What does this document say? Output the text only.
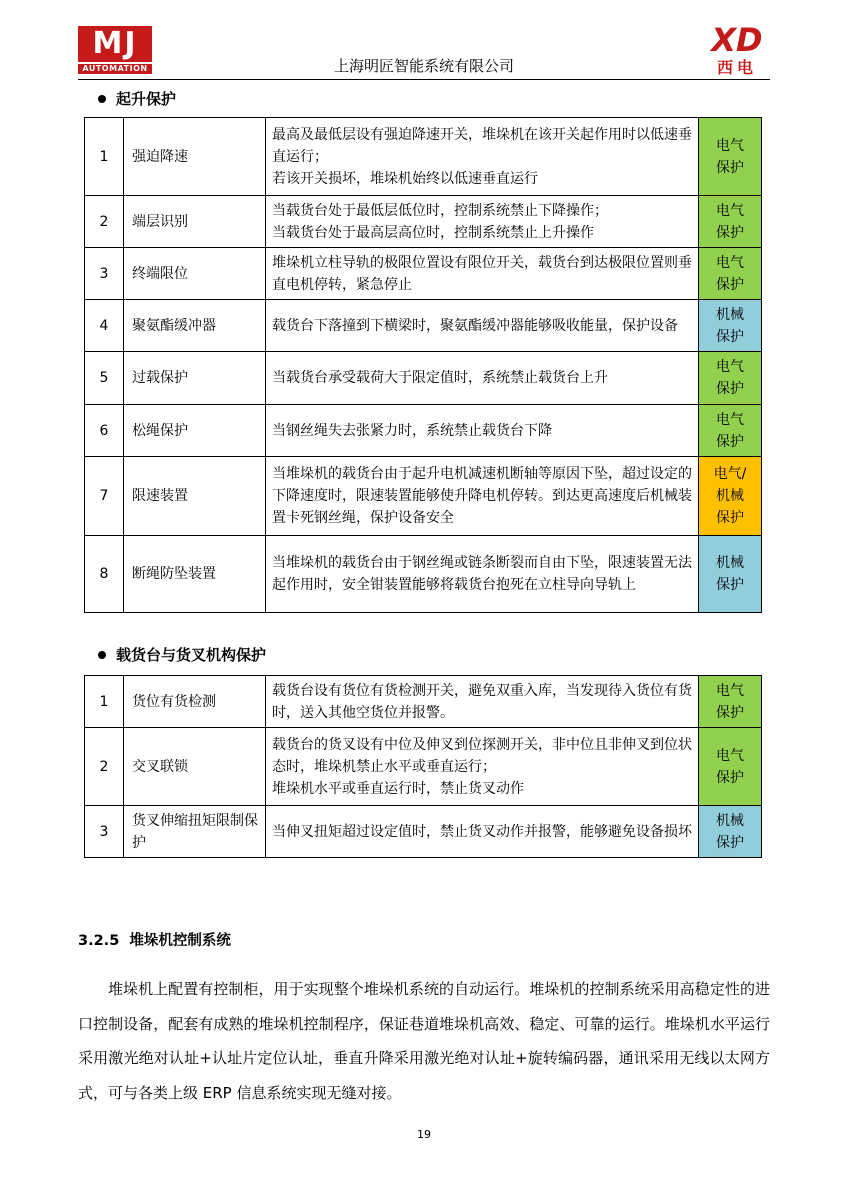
MJ
AUTOMATION	上海明匠智能系统有限公司
XD
西电
起升保护
1	强迫降速	最高及最低层设有强迫降速开关，堆垛机在该开关起作用时以低速垂直运行；
若该开关损坏，堆垛机始终以低速垂直运行	电气
保护
2	端层识别	当载货台处于最低层低位时，控制系统禁止下降操作；
当载货台处于最高层高位时，控制系统禁止上升操作	电气
保护
3	终端限位	堆垛机立柱导轨的极限位置设有限位开关，载货台到达极限位置则垂直电机停转，紧急停止	电气
保护
4	聚氨酯缓冲器	载货台下落撞到下横梁时，聚氨酯缓冲器能够吸收能量，保护设备	机械
保护
5	过载保护	当载货台承受载荷大于限定值时，系统禁止载货台上升	电气
保护
6	松绳保护	当钢丝绳失去张紧力时，系统禁止载货台下降	电气
保护
7	限速装置	当堆垛机的载货台由于起升电机减速机断轴等原因下坠，超过设定的下降速度时，限速装置能够使升降电机停转。到达更高速度后机械装置卡死钢丝绳，保护设备安全	电气/
机械
保护
8	断绳防坠装置	当堆垛机的载货台由于钢丝绳或链条断裂而自由下坠，限速装置无法起作用时，安全钳装置能够将载货台抱死在立柱导向导轨上	机械
保护
载货台与货叉机构保护
1	货位有货检测	载货台设有货位有货检测开关，避免双重入库，当发现待入货位有货时，送入其他空货位并报警。	电气
保护
2	交叉联锁	载货台的货叉设有中位及伸叉到位探测开关，非中位且非伸叉到位状态时，堆垛机禁止水平或垂直运行；
堆垛机水平或垂直运行时，禁止货叉动作	电气
保护
3	货叉伸缩扭矩限制保护	当伸叉扭矩超过设定值时，禁止货叉动作并报警，能够避免设备损坏	机械
保护
3.2.5 堆垛机控制系统
堆垛机上配置有控制柜，用于实现整个堆垛机系统的自动运行。堆垛机的控制系统采用高稳定性的进口控制设备，配套有成熟的堆垛机控制程序，保证巷道堆垛机高效、稳定、可靠的运行。堆垛机水平运行采用激光绝对认址+认址片定位认址，垂直升降采用激光绝对认址+旋转编码器，通讯采用无线以太网方式，可与各类上级 ERP 信息系统实现无缝对接。
19
